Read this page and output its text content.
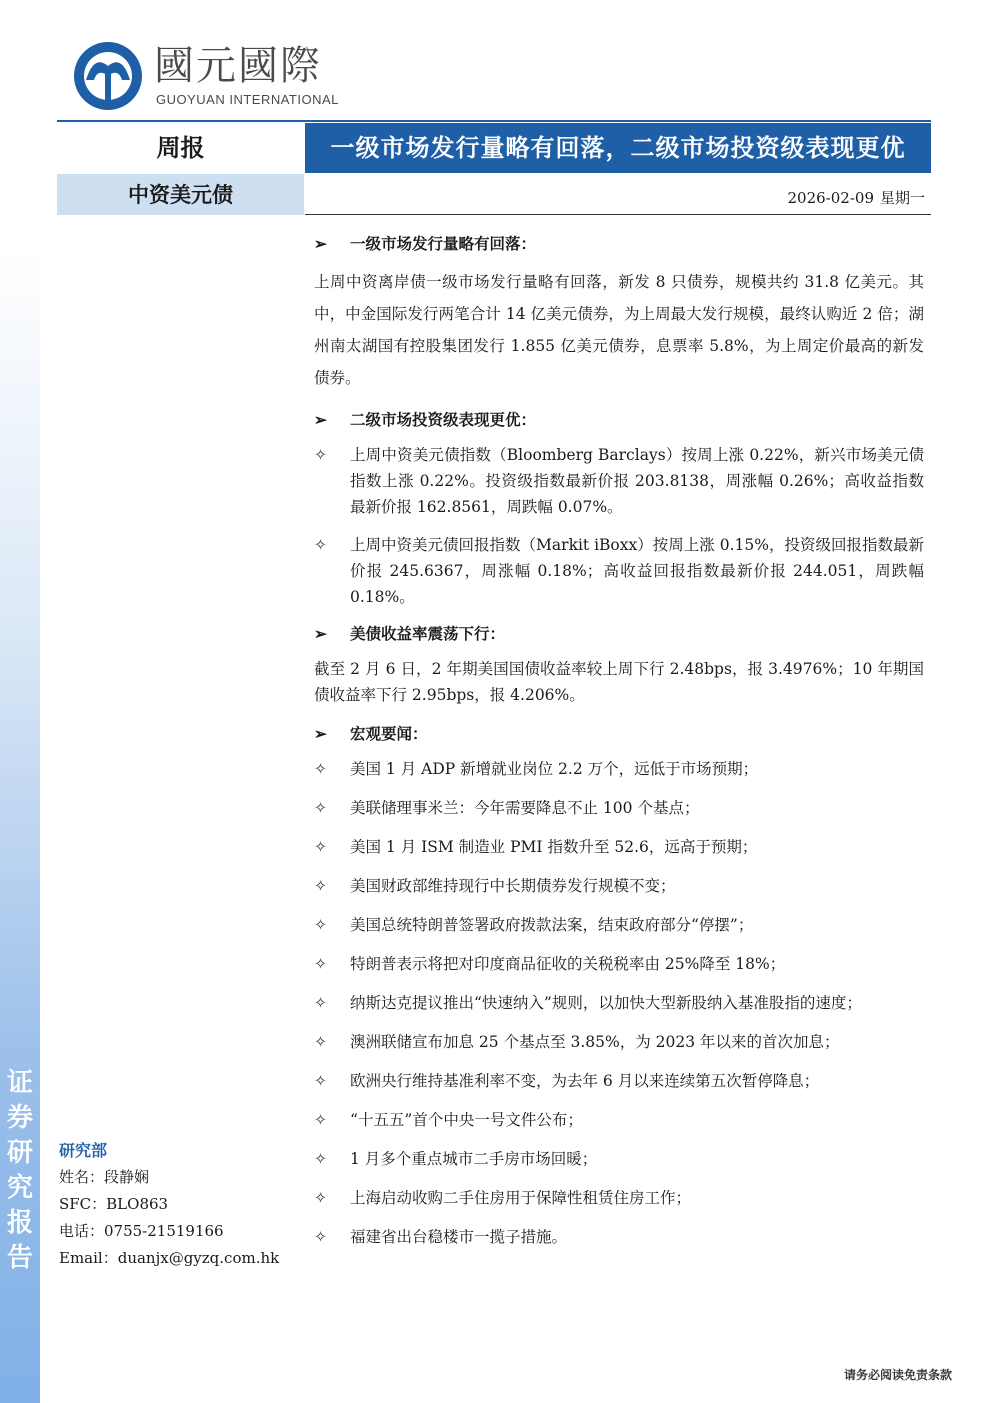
证券研究报告
國元國際
GUOYUAN INTERNATIONAL
周报	一级市场发行量略有回落，二级市场投资级表现更优
中资美元债	2026-02-09 星期一
➢ 一级市场发行量略有回落：
上周中资离岸债一级市场发行量略有回落，新发 8 只债券，规模共约 31.8 亿美元。其中，中金国际发行两笔合计 14 亿美元债券，为上周最大发行规模，最终认购近 2 倍；湖州南太湖国有控股集团发行 1.855 亿美元债券，息票率 5.8%，为上周定价最高的新发债券。
➢ 二级市场投资级表现更优：
✧ 上周中资美元债指数（Bloomberg Barclays）按周上涨 0.22%，新兴市场美元债指数上涨 0.22%。投资级指数最新价报 203.8138，周涨幅 0.26%；高收益指数最新价报 162.8561，周跌幅 0.07%。
✧ 上周中资美元债回报指数（Markit iBoxx）按周上涨 0.15%，投资级回报指数最新价报 245.6367，周涨幅 0.18%；高收益回报指数最新价报 244.051，周跌幅 0.18%。
➢ 美债收益率震荡下行：
截至 2 月 6 日，2 年期美国国债收益率较上周下行 2.48bps，报 3.4976%；10 年期国债收益率下行 2.95bps，报 4.206%。
➢ 宏观要闻：
✧ 美国 1 月 ADP 新增就业岗位 2.2 万个，远低于市场预期；
✧ 美联储理事米兰：今年需要降息不止 100 个基点；
✧ 美国 1 月 ISM 制造业 PMI 指数升至 52.6，远高于预期；
✧ 美国财政部维持现行中长期债券发行规模不变；
✧ 美国总统特朗普签署政府拨款法案，结束政府部分“停摆”；
✧ 特朗普表示将把对印度商品征收的关税税率由 25%降至 18%；
✧ 纳斯达克提议推出“快速纳入”规则，以加快大型新股纳入基准股指的速度；
✧ 澳洲联储宣布加息 25 个基点至 3.85%，为 2023 年以来的首次加息；
✧ 欧洲央行维持基准利率不变，为去年 6 月以来连续第五次暂停降息；
✧ “十五五”首个中央一号文件公布；
✧ 1 月多个重点城市二手房市场回暖；
✧ 上海启动收购二手住房用于保障性租赁住房工作；
✧ 福建省出台稳楼市一揽子措施。
研究部
姓名：段静娴
SFC：BLO863
电话：0755-21519166
Email：duanjx@gyzq.com.hk
请务必阅读免责条款
